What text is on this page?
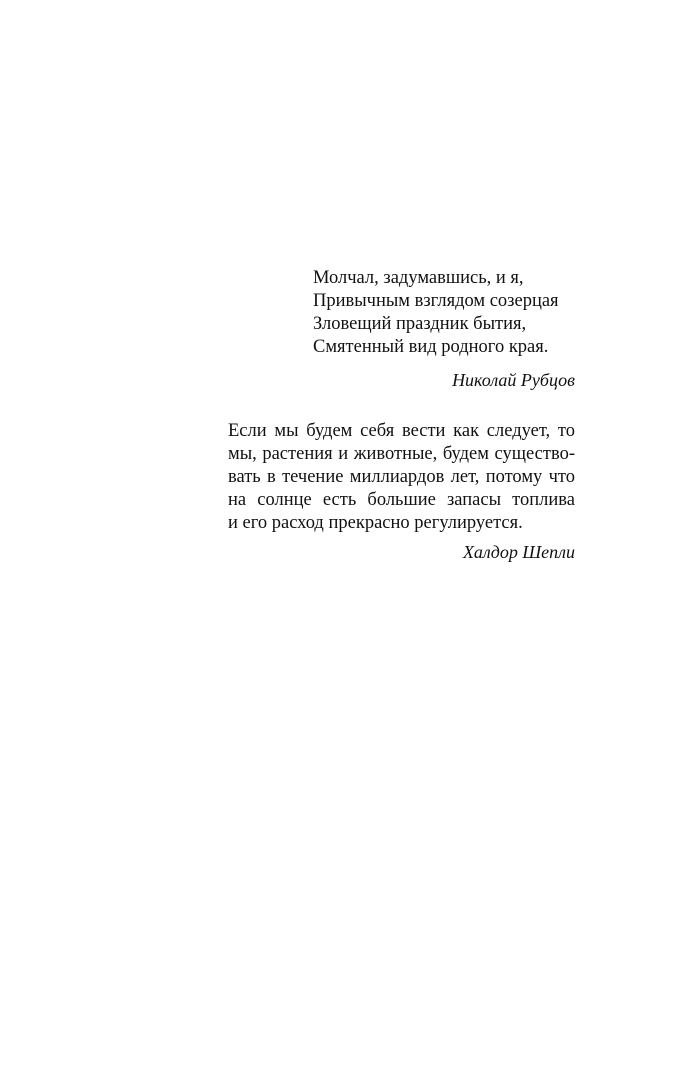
Молчал, задумавшись, и я,
Привычным взглядом созерцая
Зловещий праздник бытия,
Смятенный вид родного края.
Николай Рубцов
Если мы будем себя вести как следует, то
мы, растения и животные, будем существо-
вать в течение миллиардов лет, потому что
на солнце есть большие запасы топлива
и его расход прекрасно регулируется.
Халдор Шепли
